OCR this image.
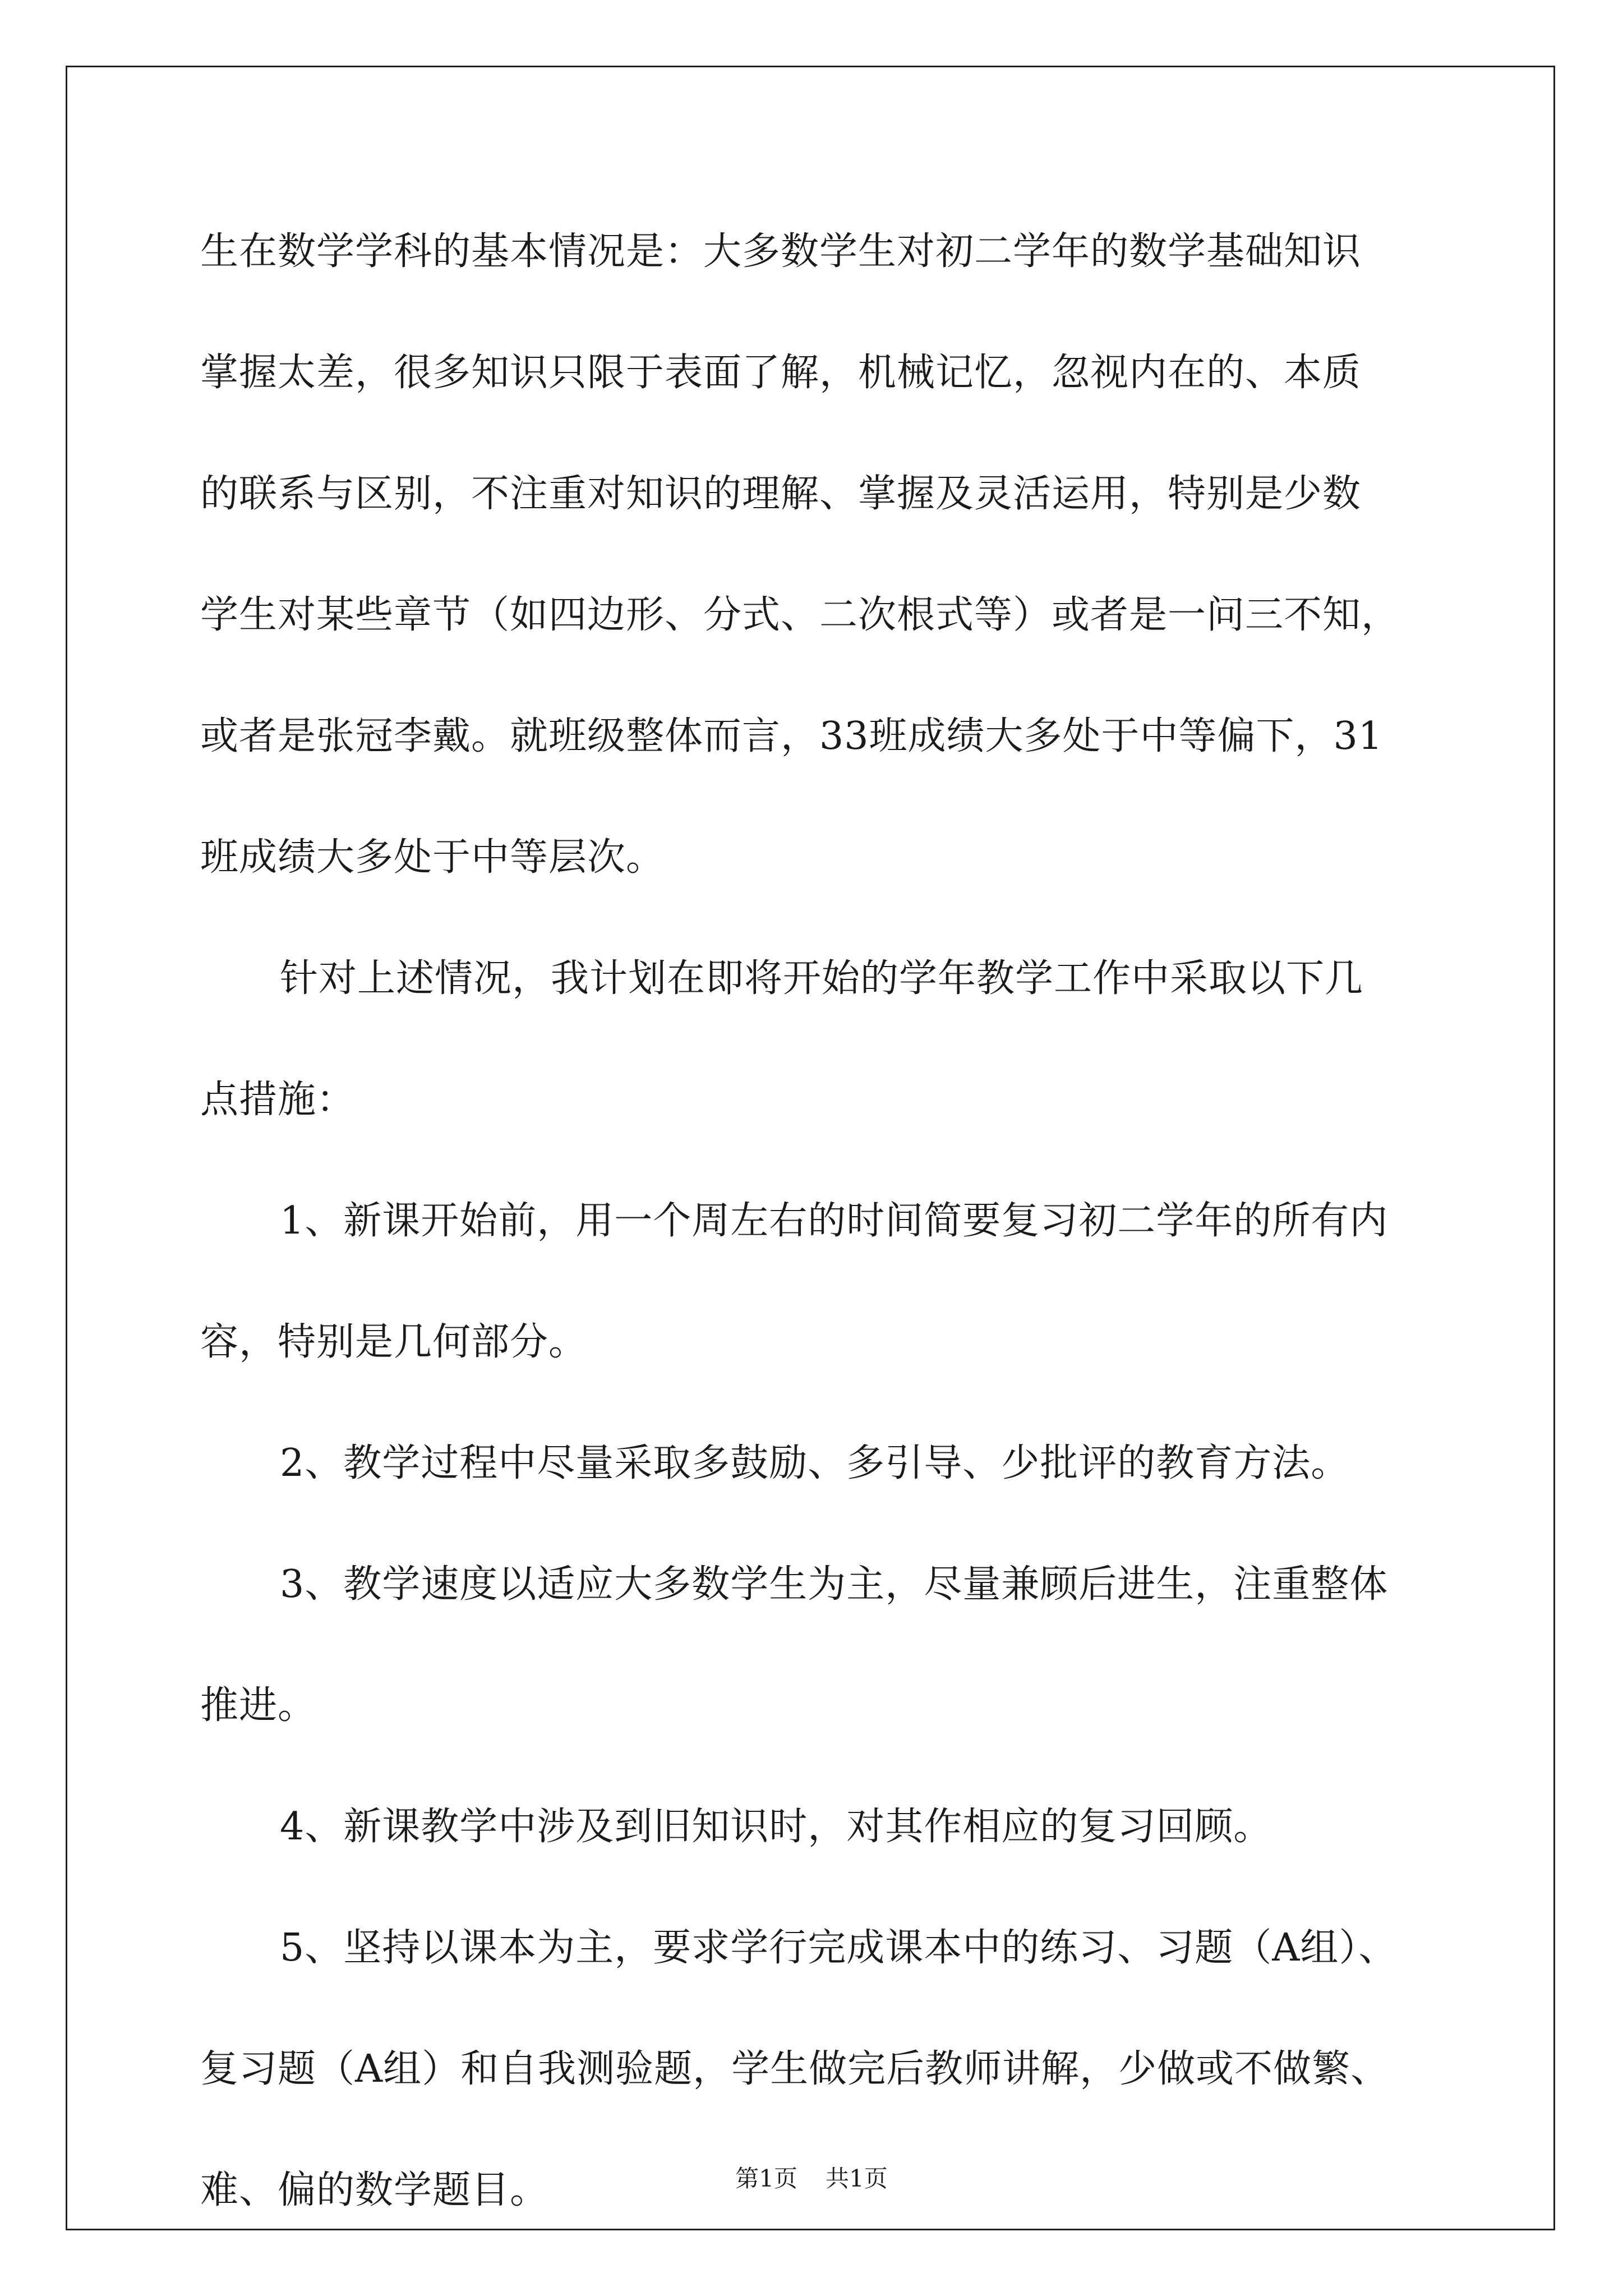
生在数学学科的基本情况是：大多数学生对初二学年的数学基础知识
掌握太差，很多知识只限于表面了解，机械记忆，忽视内在的、本质
的联系与区别，不注重对知识的理解、掌握及灵活运用，特别是少数
学生对某些章节（如四边形、分式、二次根式等）或者是一问三不知，
或者是张冠李戴。就班级整体而言，33班成绩大多处于中等偏下，31
班成绩大多处于中等层次。
针对上述情况，我计划在即将开始的学年教学工作中采取以下几
点措施：
1、新课开始前，用一个周左右的时间简要复习初二学年的所有内
容，特别是几何部分。
2、教学过程中尽量采取多鼓励、多引导、少批评的教育方法。
3、教学速度以适应大多数学生为主，尽量兼顾后进生，注重整体
推进。
4、新课教学中涉及到旧知识时，对其作相应的复习回顾。
5、坚持以课本为主，要求学行完成课本中的练习、习题（A组）、
复习题（A组）和自我测验题，学生做完后教师讲解，少做或不做繁、
难、偏的数学题目。	第1页 共1页
